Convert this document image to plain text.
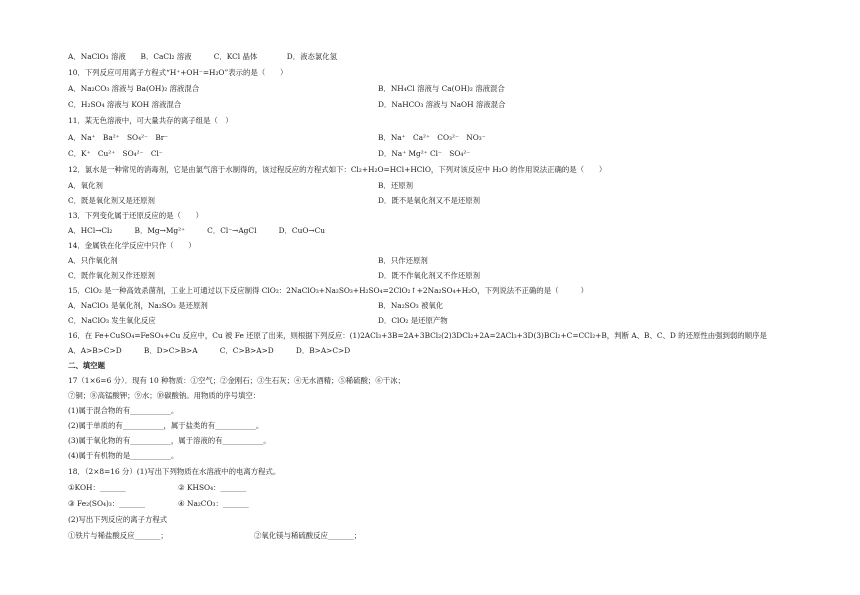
A．NaClO₃ 溶液　　B．CaCl₂ 溶液　　　C．KCl 晶体　　　　D．液态氯化氢
10．下列反应可用离子方程式“H⁺+OH⁻=H₂O”表示的是（　　）
A．Na₂CO₃ 溶液与 Ba(OH)₂ 溶液混合	B．NH₄Cl 溶液与 Ca(OH)₂ 溶液混合
C．H₂SO₄ 溶液与 KOH 溶液混合	D．NaHCO₃ 溶液与 NaOH 溶液混合
11．某无色溶液中，可大量共存的离子组是（　）
A．Na⁺　Ba²⁺　SO₄²⁻　Br⁻	B．Na⁺　Ca²⁺　CO₃²⁻　NO₃⁻
C．K⁺　Cu²⁺　SO₄²⁻　Cl⁻	D．Na⁺ Mg²⁺ Cl⁻　SO₄²⁻
12．氯水是一种常见的消毒剂，它是由氯气溶于水制得的，该过程反应的方程式如下：Cl₂+H₂O=HCl+HClO，下列对该反应中 H₂O 的作用说法正确的是（　　）
A．氧化剂	B．还原剂
C．既是氧化剂又是还原剂	D．既不是氧化剂又不是还原剂
13．下列变化属于还原反应的是（　　）
A．HCl→Cl₂　　　B．Mg→Mg²⁺　　　C．Cl⁻→AgCl　　　D．CuO→Cu
14．金属铁在化学反应中只作（　　）
A．只作氧化剂	B．只作还原剂
C．既作氧化剂又作还原剂	D．既不作氧化剂又不作还原剂
15．ClO₂ 是一种高效杀菌剂，工业上可通过以下反应制得 ClO₂：2NaClO₃+Na₂SO₃+H₂SO₄=2ClO₂↑+2Na₂SO₄+H₂O，下列说法不正确的是（　　　）
A．NaClO₃ 是氧化剂，Na₂SO₃ 是还原剂	B．Na₂SO₃ 被氧化
C．NaClO₃ 发生氧化反应	D．ClO₂ 是还原产物
16．在 Fe+CuSO₄=FeSO₄+Cu 反应中，Cu 被 Fe 还原了出来，则根据下列反应：(1)2ACl₃+3B=2A+3BCl₂(2)3DCl₂+2A=2ACl₃+3D(3)BCl₂+C=CCl₂+B，判断 A、B、C、D 的还原性由强到弱的顺序是
A．A>B>C>D　　　B．D>C>B>A　　　C．C>B>A>D　　　D．B>A>C>D
二、填空题
17（1×6=6 分）．现有 10 种物质：①空气；②金刚石；③生石灰；④无水酒精；⑤稀硫酸；⑥干冰；
⑦铜；⑧高锰酸钾；⑨水；⑩碳酸钠。用物质的序号填空：
(1)属于混合物的有___________。
(2)属于单质的有___________，属于盐类的有___________。
(3)属于氧化物的有___________，属于溶液的有___________。
(4)属于有机物的是___________。
18．（2×8=16 分）(1)写出下列物质在水溶液中的电离方程式。
①KOH：_______	② KHSO₄：_______
③ Fe₂(SO₄)₃：_______	④ Na₂CO₃：_______
(2)写出下列反应的离子方程式
①铁片与稀盐酸反应_______；	②氧化镁与稀硫酸反应_______；
